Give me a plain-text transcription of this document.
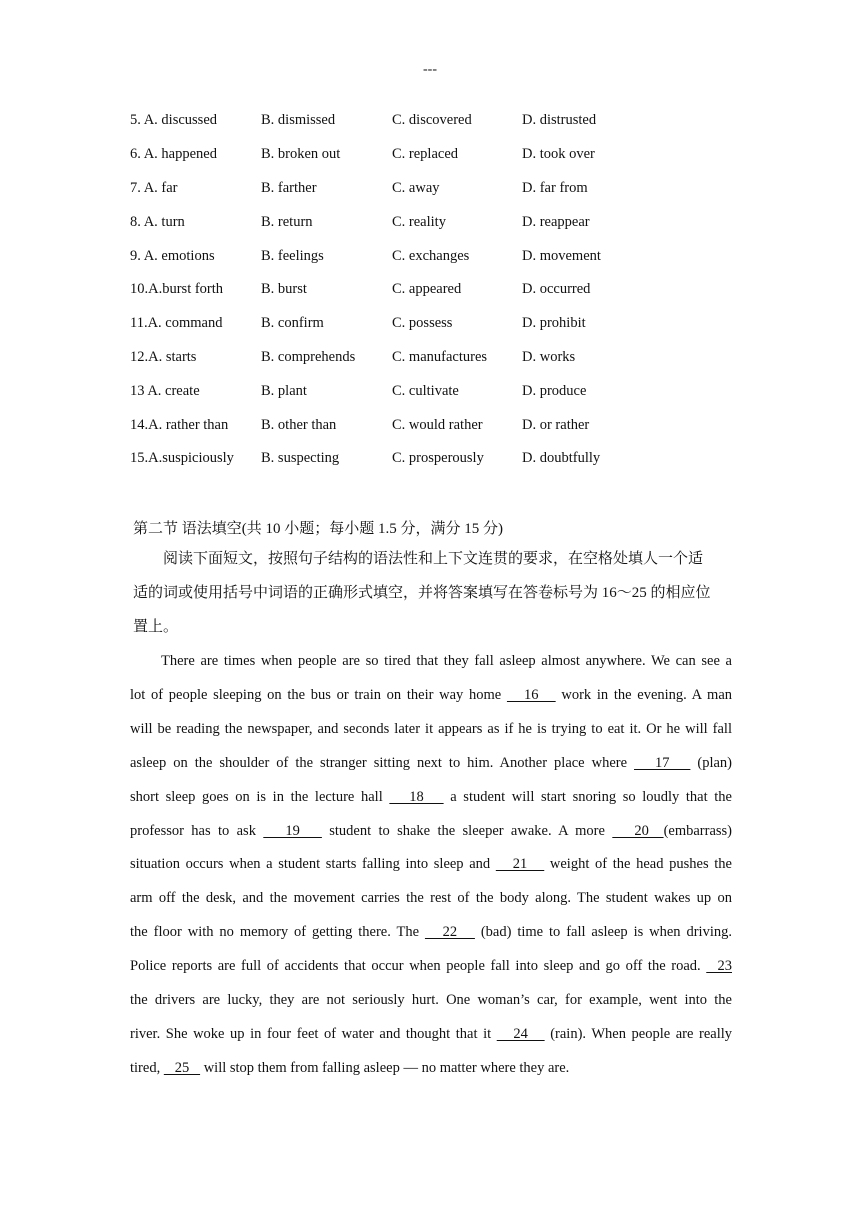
---
5. A. discussed	B. dismissed	C. discovered	D. distrusted
6. A. happened	B. broken out	C. replaced	D. took over
7. A. far	B. farther	C. away	D. far from
8. A. turn	B. return	C. reality	D. reappear
9. A. emotions	B. feelings	C. exchanges	D. movement
10.A.burst forth	B. burst	C. appeared	D. occurred
11.A. command	B. confirm	C. possess	D. prohibit
12.A. starts	B. comprehends	C. manufactures	D. works
13 A. create	B. plant	C. cultivate	D. produce
14.A. rather than	B. other than	C. would rather	D. or rather
15.A.suspiciously	B. suspecting	C. prosperously	D. doubtfully
第二节 语法填空(共 10 小题；每小题 1.5 分，满分 15 分)
阅读下面短文，按照句子结构的语法性和上下文连贯的要求，在空格处填人一个适
适的词或使用括号中词语的正确形式填空，并将答案填写在答卷标号为 16～25 的相应位
置上。
There are times when people are so tired that they fall asleep almost anywhere. We can see a
lot of people sleeping on the bus or train on their way home    16    work in the evening. A man
will be reading the newspaper, and seconds later it appears as if he is trying to eat it. Or he will fall
asleep on the shoulder of the stranger sitting next to him. Another place where    17    (plan)
short sleep goes on is in the lecture hall    18    a student will start snoring so loudly that the
professor has to ask    19    student to shake the sleeper awake. A more    20  (embarrass)
situation occurs when a student starts falling into sleep and    21    weight of the head pushes the
arm off the desk, and the movement carries the rest of the body along. The student wakes up on
the floor with no memory of getting there. The    22    (bad) time to fall asleep is when driving.
Police reports are full of accidents that occur when people fall into sleep and go off the road.   23
the drivers are lucky, they are not seriously hurt. One woman’s car, for example, went into the
river. She woke up in four feet of water and thought that it    24    (rain). When people are really
tired,    25    will stop them from falling asleep — no matter where they are.
